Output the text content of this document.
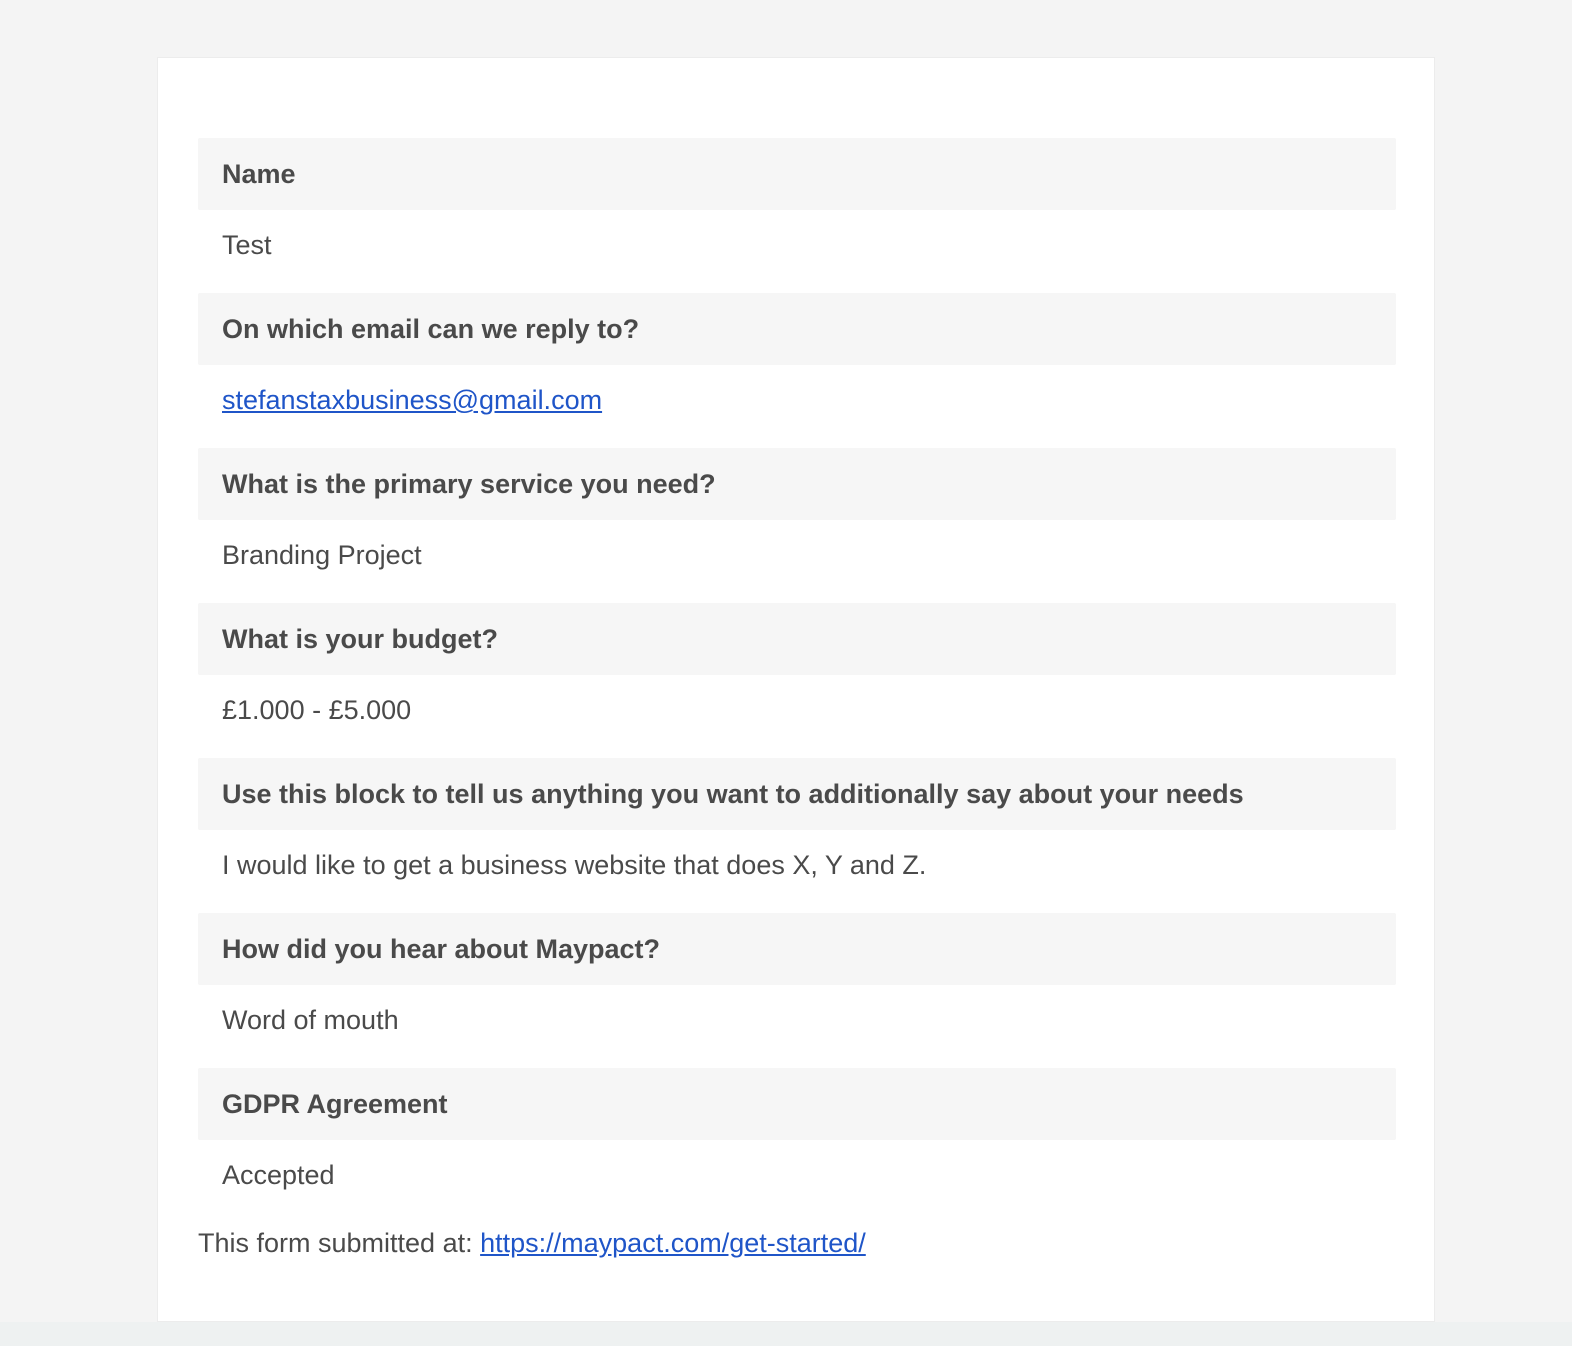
Name
Test
On which email can we reply to?
stefanstaxbusiness@gmail.com
What is the primary service you need?
Branding Project
What is your budget?
£1.000 - £5.000
Use this block to tell us anything you want to additionally say about your needs
I would like to get a business website that does X, Y and Z.
How did you hear about Maypact?
Word of mouth
GDPR Agreement
Accepted
This form submitted at: https://maypact.com/get-started/
